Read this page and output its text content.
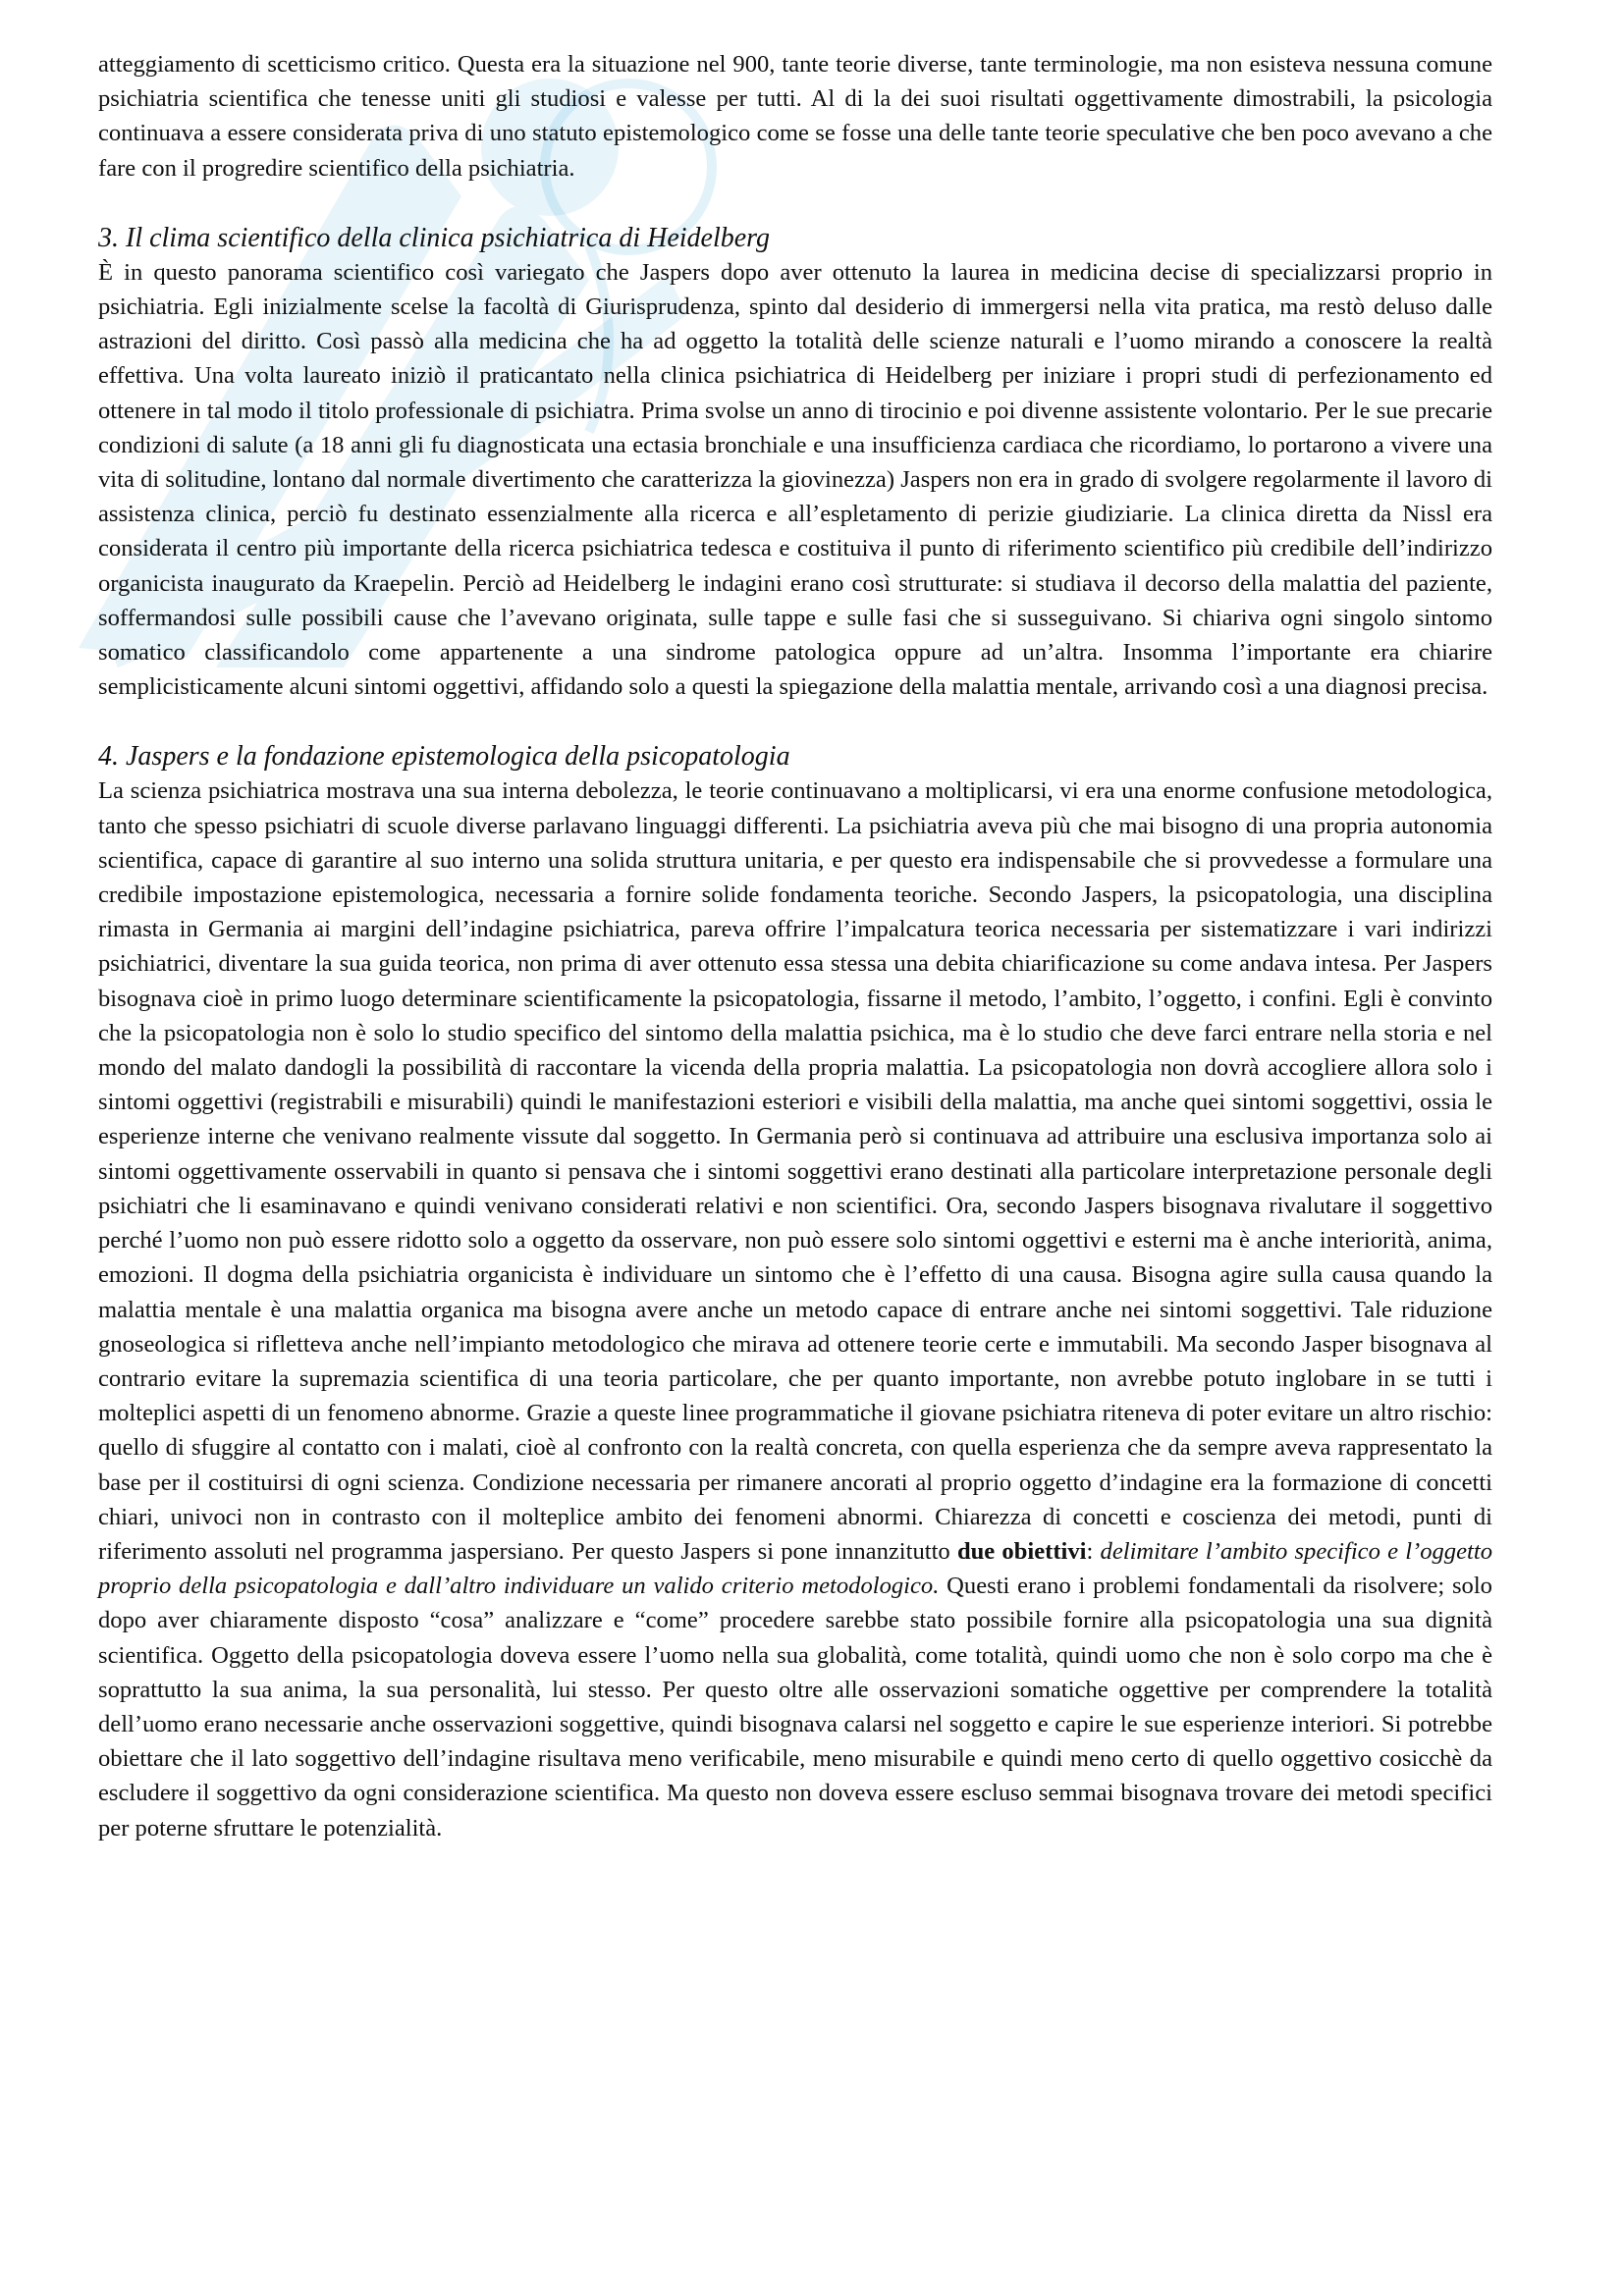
atteggiamento di scetticismo critico. Questa era la situazione nel 900, tante teorie diverse, tante terminologie, ma non esisteva nessuna comune psichiatria scientifica che tenesse uniti gli studiosi e valesse per tutti. Al di la dei suoi risultati oggettivamente dimostrabili, la psicologia continuava a essere considerata priva di uno statuto epistemologico come se fosse una delle tante teorie speculative che ben poco avevano a che fare con il progredire scientifico della psichiatria.

3. Il clima scientifico della clinica psichiatrica di Heidelberg

È in questo panorama scientifico così variegato che Jaspers dopo aver ottenuto la laurea in medicina decise di specializzarsi proprio in psichiatria. Egli inizialmente scelse la facoltà di Giurisprudenza, spinto dal desiderio di immergersi nella vita pratica, ma restò deluso dalle astrazioni del diritto. Così passò alla medicina che ha ad oggetto la totalità delle scienze naturali e l’uomo mirando a conoscere la realtà effettiva. Una volta laureato iniziò il praticantato nella clinica psichiatrica di Heidelberg per iniziare i propri studi di perfezionamento ed ottenere in tal modo il titolo professionale di psichiatra. Prima svolse un anno di tirocinio e poi divenne assistente volontario. Per le sue precarie condizioni di salute (a 18 anni gli fu diagnosticata una ectasia bronchiale e una insufficienza cardiaca che ricordiamo, lo portarono a vivere una vita di solitudine, lontano dal normale divertimento che caratterizza la giovinezza) Jaspers non era in grado di svolgere regolarmente il lavoro di assistenza clinica, perciò fu destinato essenzialmente alla ricerca e all’espletamento di perizie giudiziarie. La clinica diretta da Nissl era considerata il centro più importante della ricerca psichiatrica tedesca e costituiva il punto di riferimento scientifico più credibile dell’indirizzo organicista inaugurato da Kraepelin. Perciò ad Heidelberg le indagini erano così strutturate: si studiava il decorso della malattia del paziente, soffermandosi sulle possibili cause che l’avevano originata, sulle tappe e sulle fasi che si susseguivano. Si chiariva ogni singolo sintomo somatico classificandolo come appartenente a una sindrome patologica oppure ad un’altra. Insomma l’importante era chiarire semplicisticamente alcuni sintomi oggettivi, affidando solo a questi la spiegazione della malattia mentale, arrivando così a una diagnosi precisa.

4. Jaspers e la fondazione epistemologica della psicopatologia

La scienza psichiatrica mostrava una sua interna debolezza, le teorie continuavano a moltiplicarsi, vi era una enorme confusione metodologica, tanto che spesso psichiatri di scuole diverse parlavano linguaggi differenti. La psichiatria aveva più che mai bisogno di una propria autonomia scientifica, capace di garantire al suo interno una solida struttura unitaria, e per questo era indispensabile che si provvedesse a formulare una credibile impostazione epistemologica, necessaria a fornire solide fondamenta teoriche. Secondo Jaspers, la psicopatologia, una disciplina rimasta in Germania ai margini dell’indagine psichiatrica, pareva offrire l’impalcatura teorica necessaria per sistematizzare i vari indirizzi psichiatrici, diventare la sua guida teorica, non prima di aver ottenuto essa stessa una debita chiarificazione su come andava intesa. Per Jaspers bisognava cioè in primo luogo determinare scientificamente la psicopatologia, fissarne il metodo, l’ambito, l’oggetto, i confini. Egli è convinto che la psicopatologia non è solo lo studio specifico del sintomo della malattia psichica, ma è lo studio che deve farci entrare nella storia e nel mondo del malato dandogli la possibilità di raccontare la vicenda della propria malattia. La psicopatologia non dovrà accogliere allora solo i sintomi oggettivi (registrabili e misurabili) quindi le manifestazioni esteriori e visibili della malattia, ma anche quei sintomi soggettivi, ossia le esperienze interne che venivano realmente vissute dal soggetto. In Germania però si continuava ad attribuire una esclusiva importanza solo ai sintomi oggettivamente osservabili in quanto si pensava che i sintomi soggettivi erano destinati alla particolare interpretazione personale degli psichiatri che li esaminavano e quindi venivano considerati relativi e non scientifici. Ora, secondo Jaspers bisognava rivalutare il soggettivo perché l’uomo non può essere ridotto solo a oggetto da osservare, non può essere solo sintomi oggettivi e esterni ma è anche interiorità, anima, emozioni. Il dogma della psichiatria organicista è individuare un sintomo che è l’effetto di una causa. Bisogna agire sulla causa quando la malattia mentale è una malattia organica ma bisogna avere anche un metodo capace di entrare anche nei sintomi soggettivi. Tale riduzione gnoseologica si rifletteva anche nell’impianto metodologico che mirava ad ottenere teorie certe e immutabili. Ma secondo Jasper bisognava al contrario evitare la supremazia scientifica di una teoria particolare, che per quanto importante, non avrebbe potuto inglobare in se tutti i molteplici aspetti di un fenomeno abnorme. Grazie a queste linee programmatiche il giovane psichiatra riteneva di poter evitare un altro rischio: quello di sfuggire al contatto con i malati, cioè al confronto con la realtà concreta, con quella esperienza che da sempre aveva rappresentato la base per il costituirsi di ogni scienza. Condizione necessaria per rimanere ancorati al proprio oggetto d’indagine era la formazione di concetti chiari, univoci non in contrasto con il molteplice ambito dei fenomeni abnormi. Chiarezza di concetti e coscienza dei metodi, punti di riferimento assoluti nel programma jaspersiano. Per questo Jaspers si pone innanzitutto due obiettivi: delimitare l’ambito specifico e l’oggetto proprio della psicopatologia e dall’altro individuare un valido criterio metodologico. Questi erano i problemi fondamentali da risolvere; solo dopo aver chiaramente disposto “cosa” analizzare e “come” procedere sarebbe stato possibile fornire alla psicopatologia una sua dignità scientifica. Oggetto della psicopatologia doveva essere l’uomo nella sua globalità, come totalità, quindi uomo che non è solo corpo ma che è soprattutto la sua anima, la sua personalità, lui stesso. Per questo oltre alle osservazioni somatiche oggettive per comprendere la totalità dell’uomo erano necessarie anche osservazioni soggettive, quindi bisognava calarsi nel soggetto e capire le sue esperienze interiori. Si potrebbe obiettare che il lato soggettivo dell’indagine risultava meno verificabile, meno misurabile e quindi meno certo di quello oggettivo cosicchè da escludere il soggettivo da ogni considerazione scientifica. Ma questo non doveva essere escluso semmai bisognava trovare dei metodi specifici per poterne sfruttare le potenzialità.
